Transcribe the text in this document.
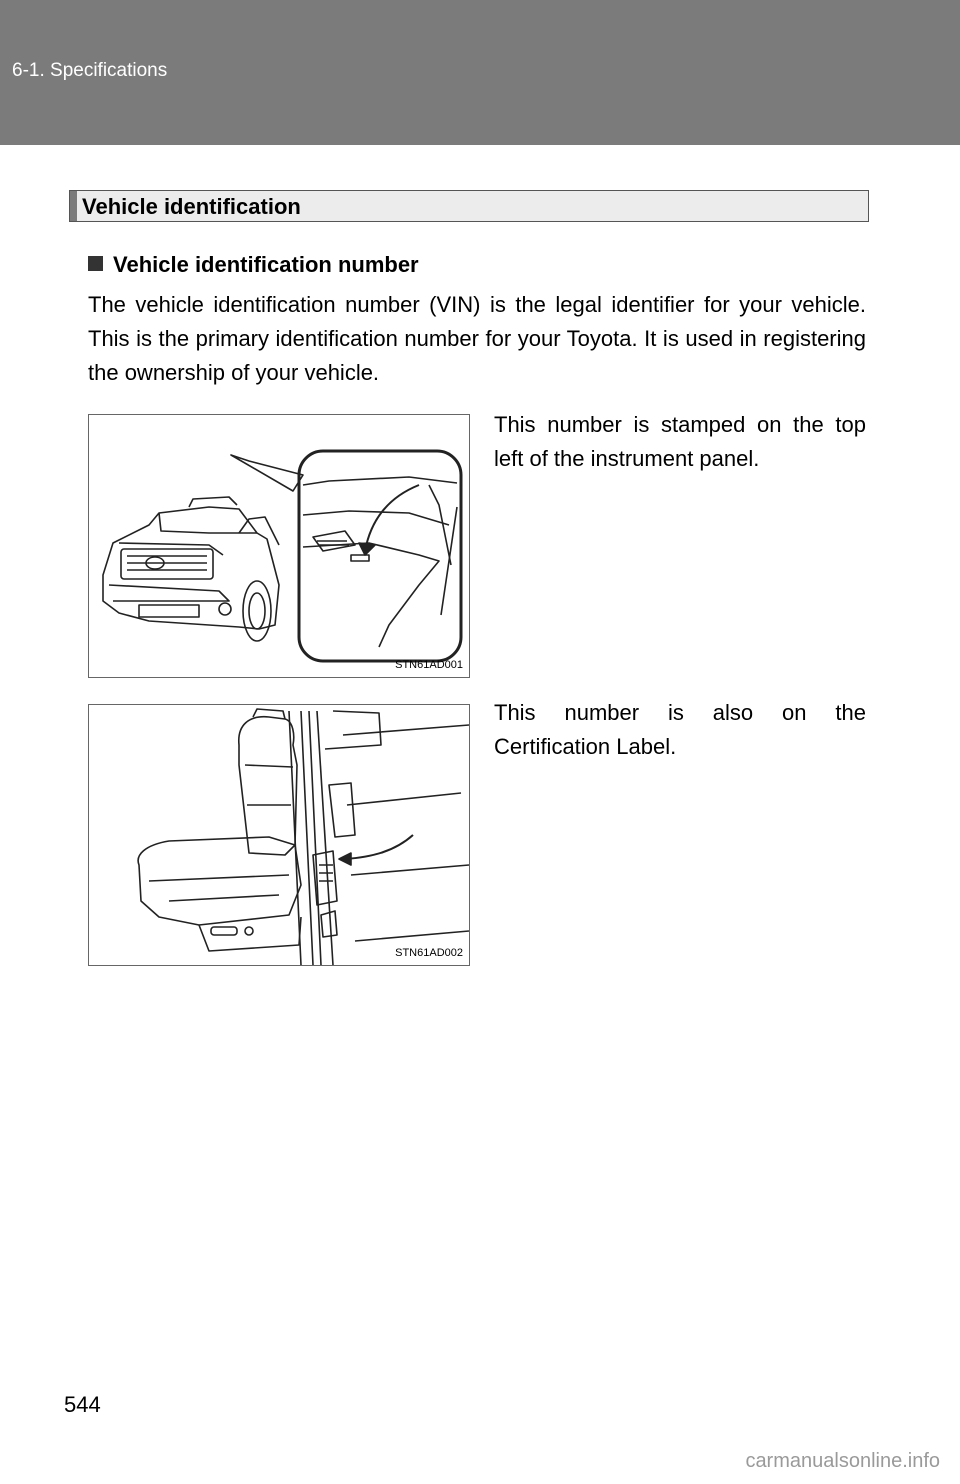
6-1. Specifications
Vehicle identification
Vehicle identification number
The vehicle identification number (VIN) is the legal identifier for your vehicle. This is the primary identification number for your Toyota. It is used in registering the ownership of your vehicle.
STN61AD001
This number is stamped on the top left of the instrument panel.
STN61AD002
This number is also on the Certification Label.
544
carmanualsonline.info
